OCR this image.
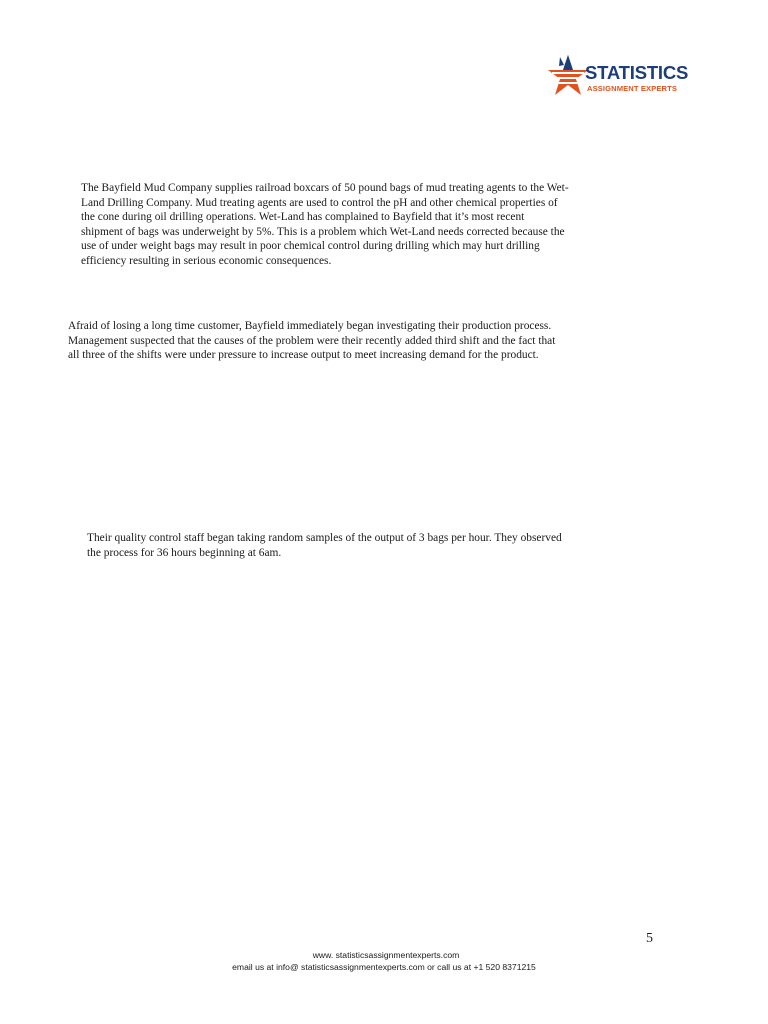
STATISTICS
ASSIGNMENT EXPERTS

The Bayfield Mud Company supplies railroad boxcars of 50 pound bags of mud treating agents to the Wet-
Land Drilling Company. Mud treating agents are used to control the pH and other chemical properties of
the cone during oil drilling operations. Wet-Land has complained to Bayfield that it’s most recent
shipment of bags was underweight by 5%. This is a problem which Wet-Land needs corrected because the
use of under weight bags may result in poor chemical control during drilling which may hurt drilling
efficiency resulting in serious economic consequences.

Afraid of losing a long time customer, Bayfield immediately began investigating their production process.
Management suspected that the causes of the problem were their recently added third shift and the fact that
all three of the shifts were under pressure to increase output to meet increasing demand for the product.

Their quality control staff began taking random samples of the output of 3 bags per hour. They observed
the process for 36 hours beginning at 6am.

5
www. statisticsassignmentexperts.com
email us at info@ statisticsassignmentexperts.com or call us at +1 520 8371215
